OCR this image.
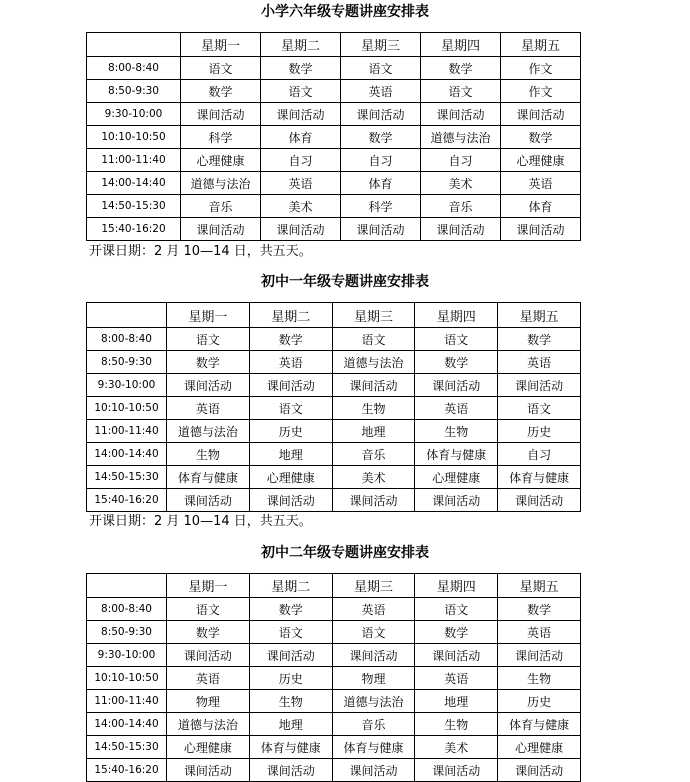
小学六年级专题讲座安排表
	星期一	星期二	星期三	星期四	星期五
8:00-8:40	语文	数学	语文	数学	作文
8:50-9:30	数学	语文	英语	语文	作文
9:30-10:00	课间活动	课间活动	课间活动	课间活动	课间活动
10:10-10:50	科学	体育	数学	道德与法治	数学
11:00-11:40	心理健康	自习	自习	自习	心理健康
14:00-14:40	道德与法治	英语	体育	美术	英语
14:50-15:30	音乐	美术	科学	音乐	体育
15:40-16:20	课间活动	课间活动	课间活动	课间活动	课间活动
开课日期：2 月 10—14 日，共五天。
初中一年级专题讲座安排表
	星期一	星期二	星期三	星期四	星期五
8:00-8:40	语文	数学	语文	语文	数学
8:50-9:30	数学	英语	道德与法治	数学	英语
9:30-10:00	课间活动	课间活动	课间活动	课间活动	课间活动
10:10-10:50	英语	语文	生物	英语	语文
11:00-11:40	道德与法治	历史	地理	生物	历史
14:00-14:40	生物	地理	音乐	体育与健康	自习
14:50-15:30	体育与健康	心理健康	美术	心理健康	体育与健康
15:40-16:20	课间活动	课间活动	课间活动	课间活动	课间活动
开课日期：2 月 10—14 日，共五天。
初中二年级专题讲座安排表
	星期一	星期二	星期三	星期四	星期五
8:00-8:40	语文	数学	英语	语文	数学
8:50-9:30	数学	语文	语文	数学	英语
9:30-10:00	课间活动	课间活动	课间活动	课间活动	课间活动
10:10-10:50	英语	历史	物理	英语	生物
11:00-11:40	物理	生物	道德与法治	地理	历史
14:00-14:40	道德与法治	地理	音乐	生物	体育与健康
14:50-15:30	心理健康	体育与健康	体育与健康	美术	心理健康
15:40-16:20	课间活动	课间活动	课间活动	课间活动	课间活动
